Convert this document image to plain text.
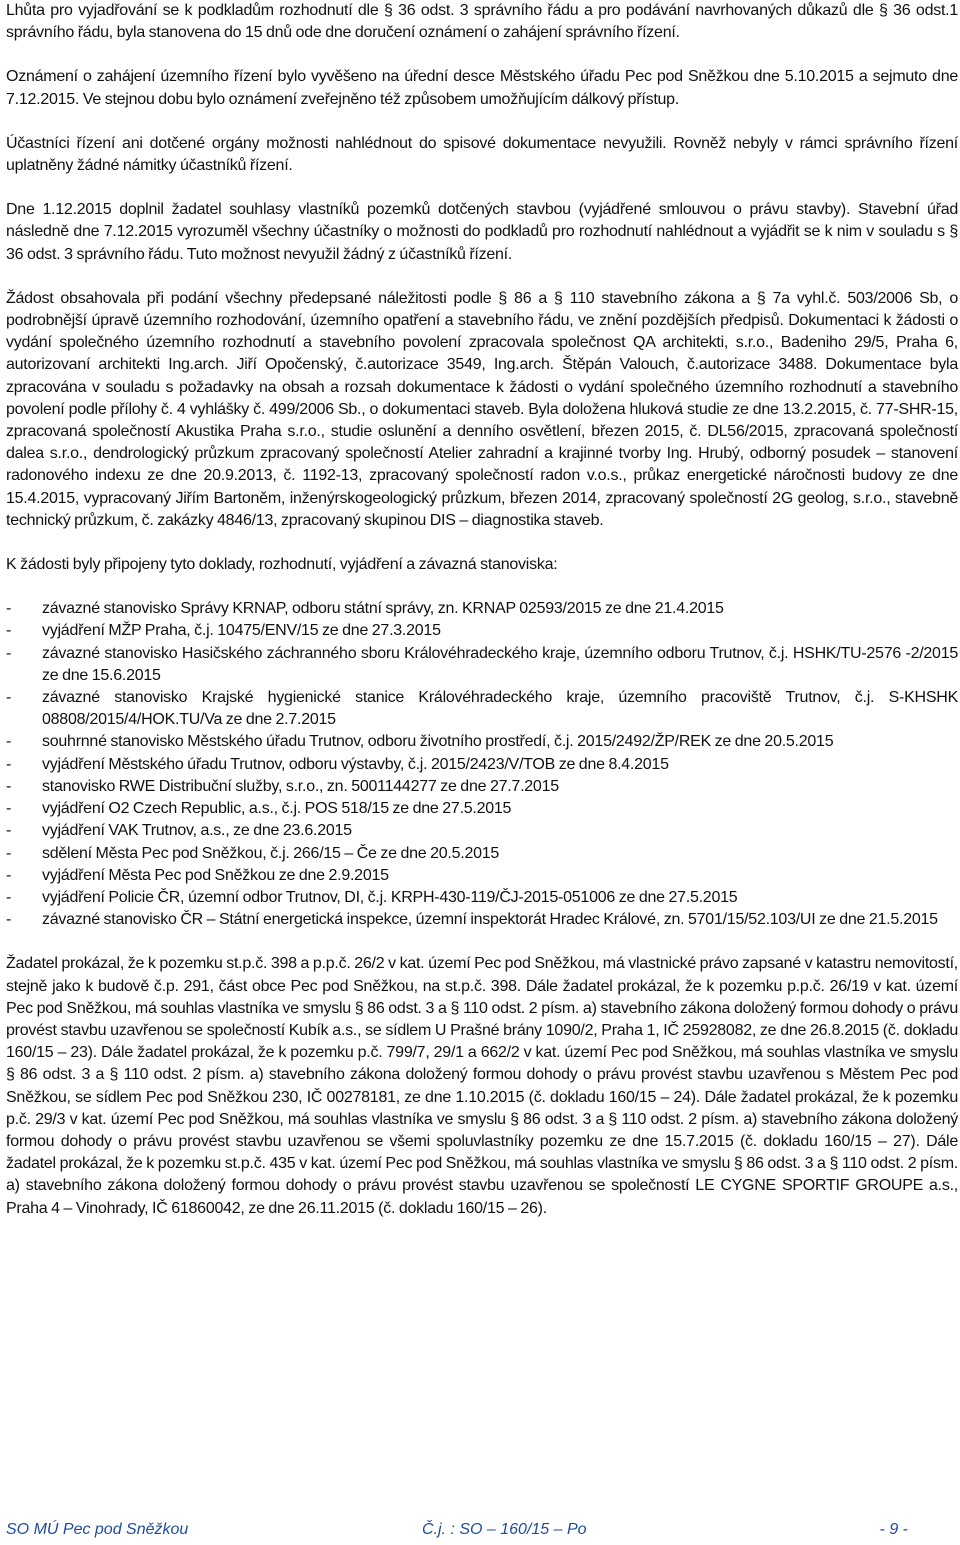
Lhůta pro vyjadřování se k podkladům rozhodnutí dle § 36 odst. 3 správního řádu a pro podávání navrhovaných důkazů dle § 36 odst.1 správního řádu, byla stanovena do 15 dnů ode dne doručení oznámení o zahájení správního řízení.

Oznámení o zahájení územního řízení bylo vyvěšeno na úřední desce Městského úřadu Pec pod Sněžkou dne 5.10.2015 a sejmuto dne 7.12.2015. Ve stejnou dobu bylo oznámení zveřejněno též způsobem umožňujícím dálkový přístup.

Účastníci řízení ani dotčené orgány možnosti nahlédnout do spisové dokumentace nevyužili. Rovněž nebyly v rámci správního řízení uplatněny žádné námitky účastníků řízení.

Dne 1.12.2015 doplnil žadatel souhlasy vlastníků pozemků dotčených stavbou (vyjádřené smlouvou o právu stavby). Stavební úřad následně dne 7.12.2015 vyrozuměl všechny účastníky o možnosti do podkladů pro rozhodnutí nahlédnout a vyjádřit se k nim v souladu s § 36 odst. 3 správního řádu. Tuto možnost nevyužil žádný z účastníků řízení.

Žádost obsahovala při podání všechny předepsané náležitosti podle § 86 a § 110 stavebního zákona a § 7a vyhl.č. 503/2006 Sb, o podrobnější úpravě územního rozhodování, územního opatření a stavebního řádu, ve znění pozdějších předpisů. Dokumentaci k žádosti o vydání společného územního rozhodnutí a stavebního povolení zpracovala společnost QA architekti, s.r.o., Badeniho 29/5, Praha 6, autorizovaní architekti Ing.arch. Jiří Opočenský, č.autorizace 3549, Ing.arch. Štěpán Valouch, č.autorizace 3488. Dokumentace byla zpracována v souladu s požadavky na obsah a rozsah dokumentace k žádosti o vydání společného územního rozhodnutí a stavebního povolení podle přílohy č. 4 vyhlášky č. 499/2006 Sb., o dokumentaci staveb. Byla doložena hluková studie ze dne 13.2.2015, č. 77-SHR-15, zpracovaná společností Akustika Praha s.r.o., studie oslunění a denního osvětlení, březen 2015, č. DL56/2015, zpracovaná společností dalea s.r.o., dendrologický průzkum zpracovaný společností Atelier zahradní a krajinné tvorby Ing. Hrubý, odborný posudek – stanovení radonového indexu ze dne 20.9.2013, č. 1192-13, zpracovaný společností radon v.o.s., průkaz energetické náročnosti budovy ze dne 15.4.2015, vypracovaný Jiřím Bartoněm, inženýrskogeologický průzkum, březen 2014, zpracovaný společností 2G geolog, s.r.o., stavebně technický průzkum, č. zakázky 4846/13, zpracovaný skupinou DIS – diagnostika staveb.

K žádosti byly připojeny tyto doklady, rozhodnutí, vyjádření a závazná stanoviska:

- závazné stanovisko Správy KRNAP, odboru státní správy, zn. KRNAP 02593/2015 ze dne 21.4.2015
- vyjádření MŽP Praha, č.j. 10475/ENV/15 ze dne 27.3.2015
- závazné stanovisko Hasičského záchranného sboru Královéhradeckého kraje, územního odboru Trutnov, č.j. HSHK/TU-2576 -2/2015 ze dne 15.6.2015
- závazné stanovisko Krajské hygienické stanice Královéhradeckého kraje, územního pracoviště Trutnov, č.j. S-KHSHK 08808/2015/4/HOK.TU/Va ze dne 2.7.2015
- souhrnné stanovisko Městského úřadu Trutnov, odboru životního prostředí, č.j. 2015/2492/ŽP/REK ze dne 20.5.2015
- vyjádření Městského úřadu Trutnov, odboru výstavby, č.j. 2015/2423/V/TOB ze dne 8.4.2015
- stanovisko RWE Distribuční služby, s.r.o., zn. 5001144277 ze dne 27.7.2015
- vyjádření O2 Czech Republic, a.s., č.j. POS 518/15 ze dne 27.5.2015
- vyjádření VAK Trutnov, a.s., ze dne 23.6.2015
- sdělení Města Pec pod Sněžkou, č.j. 266/15 – Če ze dne 20.5.2015
- vyjádření Města Pec pod Sněžkou ze dne 2.9.2015
- vyjádření Policie ČR, územní odbor Trutnov, DI, č.j. KRPH-430-119/ČJ-2015-051006 ze dne 27.5.2015
- závazné stanovisko ČR – Státní energetická inspekce, územní inspektorát Hradec Králové, zn. 5701/15/52.103/UI ze dne 21.5.2015

Žadatel prokázal, že k pozemku st.p.č. 398 a p.p.č. 26/2 v kat. území Pec pod Sněžkou, má vlastnické právo zapsané v katastru nemovitostí, stejně jako k budově č.p. 291, část obce Pec pod Sněžkou, na st.p.č. 398. Dále žadatel prokázal, že k pozemku p.p.č. 26/19 v kat. území Pec pod Sněžkou, má souhlas vlastníka ve smyslu § 86 odst. 3 a § 110 odst. 2 písm. a) stavebního zákona doložený formou dohody o právu provést stavbu uzavřenou se společností Kubík a.s., se sídlem U Prašné brány 1090/2, Praha 1, IČ 25928082, ze dne 26.8.2015 (č. dokladu 160/15 – 23). Dále žadatel prokázal, že k pozemku p.č. 799/7, 29/1 a 662/2 v kat. území Pec pod Sněžkou, má souhlas vlastníka ve smyslu § 86 odst. 3 a § 110 odst. 2 písm. a) stavebního zákona doložený formou dohody o právu provést stavbu uzavřenou s Městem Pec pod Sněžkou, se sídlem Pec pod Sněžkou 230, IČ 00278181, ze dne 1.10.2015 (č. dokladu 160/15 – 24). Dále žadatel prokázal, že k pozemku p.č. 29/3 v kat. území Pec pod Sněžkou, má souhlas vlastníka ve smyslu § 86 odst. 3 a § 110 odst. 2 písm. a) stavebního zákona doložený formou dohody o právu provést stavbu uzavřenou se všemi spoluvlastníky pozemku ze dne 15.7.2015 (č. dokladu 160/15 – 27). Dále žadatel prokázal, že k pozemku st.p.č. 435 v kat. území Pec pod Sněžkou, má souhlas vlastníka ve smyslu § 86 odst. 3 a § 110 odst. 2 písm. a) stavebního zákona doložený formou dohody o právu provést stavbu uzavřenou se společností LE CYGNE SPORTIF GROUPE a.s., Praha 4 – Vinohrady, IČ 61860042, ze dne 26.11.2015 (č. dokladu 160/15 – 26).

SO MÚ Pec pod Sněžkou	Č.j. : SO – 160/15 – Po	- 9 -
